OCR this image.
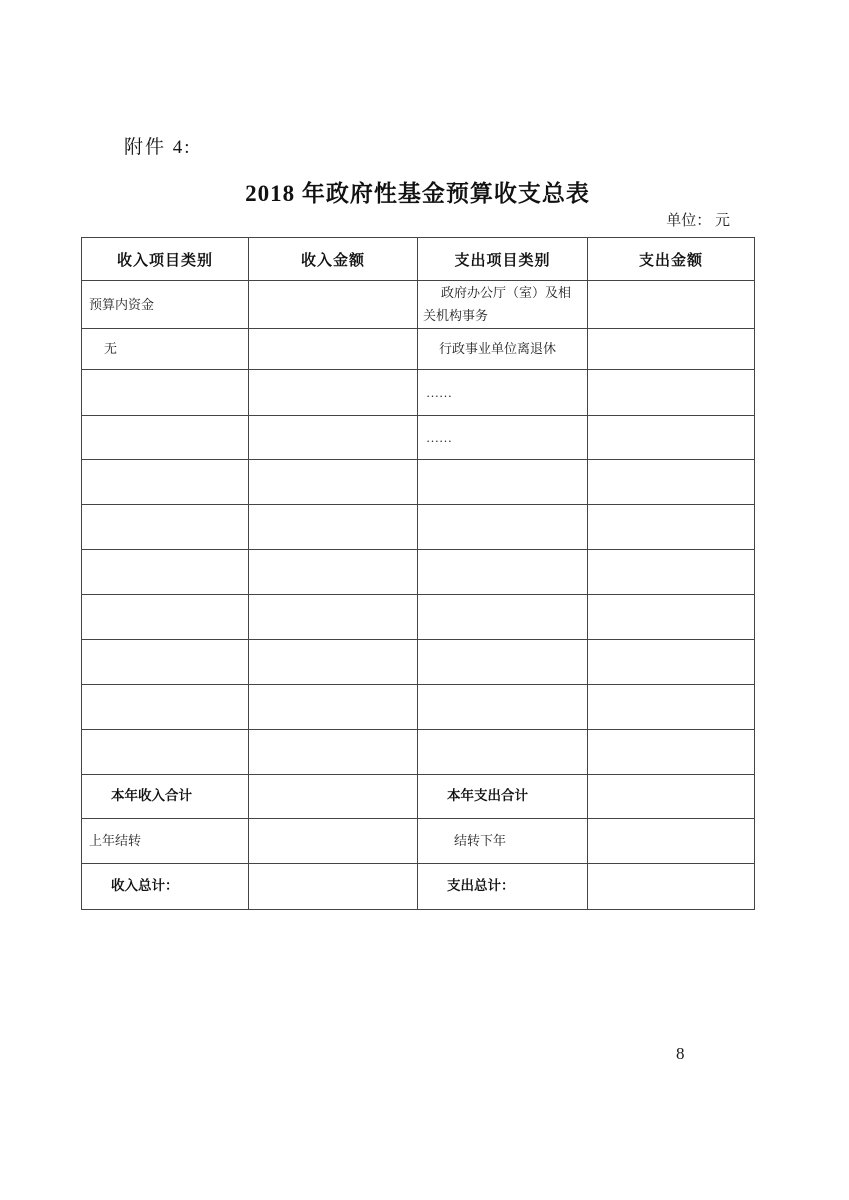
附件 4:
2018 年政府性基金预算收支总表
单位： 元
收入项目类别	收入金额	支出项目类别	支出金额
预算内资金		政府办公厅（室）及相关机构事务	
无		行政事业单位离退休	
		……	
		……	

本年收入合计		本年支出合计	
上年结转		结转下年	
收入总计：		支出总计：	
8
